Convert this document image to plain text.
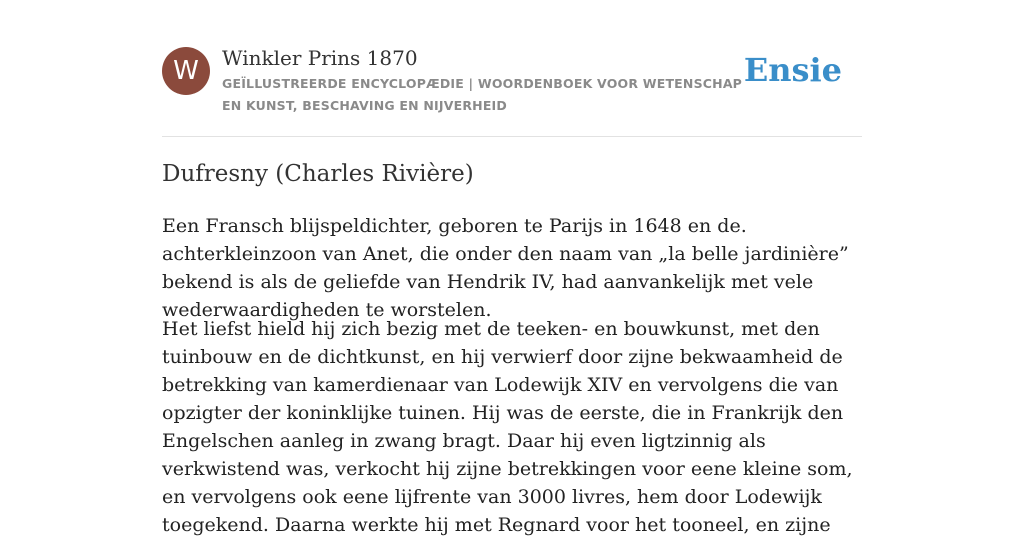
W	Winkler Prins 1870
GEÏLLUSTREERDE ENCYCLOPÆDIE | WOORDENBOEK VOOR WETENSCHAP EN KUNST, BESCHAVING EN NIJVERHEID
Ensie
Dufresny (Charles Rivière)

Een Fransch blijspeldichter, geboren te Parijs in 1648 en de. achterkleinzoon van Anet, die onder den naam van „la belle jardinière” bekend is als de geliefde van Hendrik IV, had aanvankelijk met vele wederwaardigheden te worstelen.

Het liefst hield hij zich bezig met de teeken- en bouwkunst, met den tuinbouw en de dichtkunst, en hij verwierf door zijne bekwaamheid de betrekking van kamerdienaar van Lodewijk XIV en vervolgens die van opzigter der koninklijke tuinen. Hij was de eerste, die in Frankrijk den Engelschen aanleg in zwang bragt. Daar hij even ligtzinnig als verkwistend was, verkocht hij zijne betrekkingen voor eene kleine som, en vervolgens ook eene lijfrente van 3000 livres, hem door Lodewijk toegekend. Daarna werkte hij met Regnard voor het tooneel, en zijne
